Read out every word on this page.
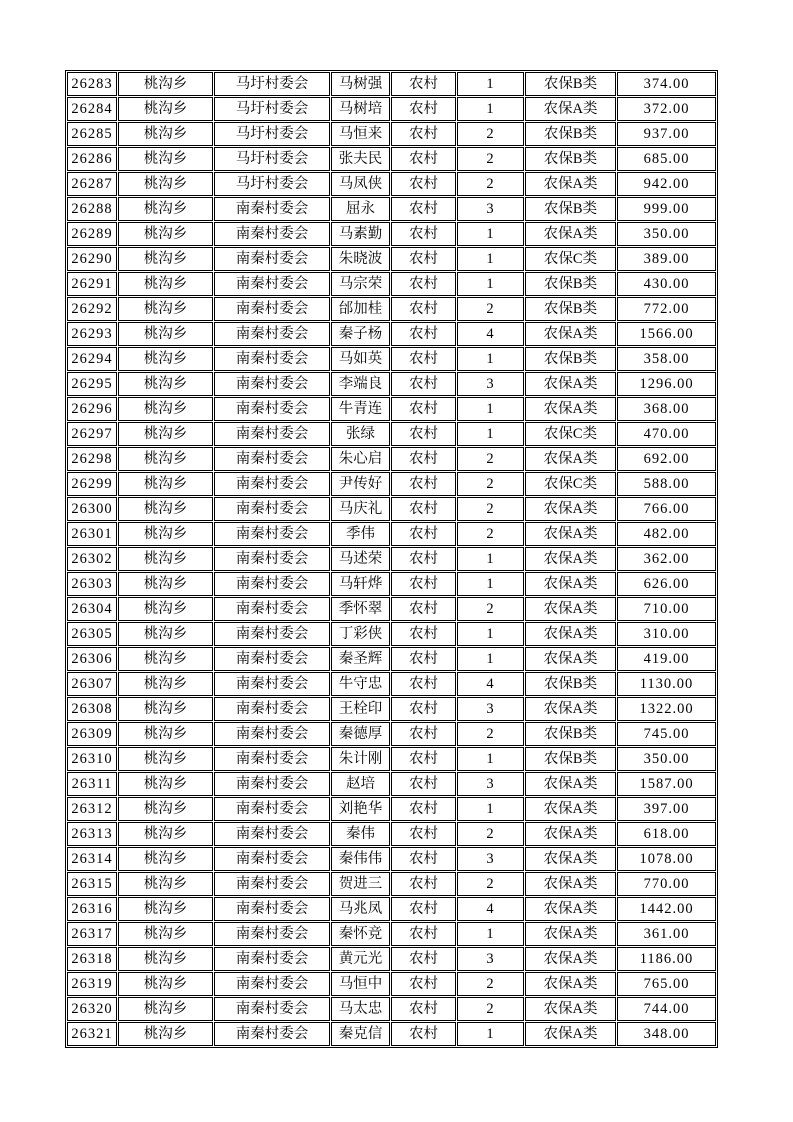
26283	桃沟乡	马圩村委会	马树强	农村	1	农保B类	374.00
26284	桃沟乡	马圩村委会	马树培	农村	1	农保A类	372.00
26285	桃沟乡	马圩村委会	马恒来	农村	2	农保B类	937.00
26286	桃沟乡	马圩村委会	张夫民	农村	2	农保B类	685.00
26287	桃沟乡	马圩村委会	马凤侠	农村	2	农保A类	942.00
26288	桃沟乡	南秦村委会	屈永	农村	3	农保B类	999.00
26289	桃沟乡	南秦村委会	马素勤	农村	1	农保A类	350.00
26290	桃沟乡	南秦村委会	朱晓波	农村	1	农保C类	389.00
26291	桃沟乡	南秦村委会	马宗荣	农村	1	农保B类	430.00
26292	桃沟乡	南秦村委会	邰加桂	农村	2	农保B类	772.00
26293	桃沟乡	南秦村委会	秦子杨	农村	4	农保A类	1566.00
26294	桃沟乡	南秦村委会	马如英	农村	1	农保B类	358.00
26295	桃沟乡	南秦村委会	李端良	农村	3	农保A类	1296.00
26296	桃沟乡	南秦村委会	牛青连	农村	1	农保A类	368.00
26297	桃沟乡	南秦村委会	张绿	农村	1	农保C类	470.00
26298	桃沟乡	南秦村委会	朱心启	农村	2	农保A类	692.00
26299	桃沟乡	南秦村委会	尹传好	农村	2	农保C类	588.00
26300	桃沟乡	南秦村委会	马庆礼	农村	2	农保A类	766.00
26301	桃沟乡	南秦村委会	季伟	农村	2	农保A类	482.00
26302	桃沟乡	南秦村委会	马述荣	农村	1	农保A类	362.00
26303	桃沟乡	南秦村委会	马轩烨	农村	1	农保A类	626.00
26304	桃沟乡	南秦村委会	季怀翠	农村	2	农保A类	710.00
26305	桃沟乡	南秦村委会	丁彩侠	农村	1	农保A类	310.00
26306	桃沟乡	南秦村委会	秦圣辉	农村	1	农保A类	419.00
26307	桃沟乡	南秦村委会	牛守忠	农村	4	农保B类	1130.00
26308	桃沟乡	南秦村委会	王栓印	农村	3	农保A类	1322.00
26309	桃沟乡	南秦村委会	秦德厚	农村	2	农保B类	745.00
26310	桃沟乡	南秦村委会	朱计刚	农村	1	农保B类	350.00
26311	桃沟乡	南秦村委会	赵培	农村	3	农保A类	1587.00
26312	桃沟乡	南秦村委会	刘艳华	农村	1	农保A类	397.00
26313	桃沟乡	南秦村委会	秦伟	农村	2	农保A类	618.00
26314	桃沟乡	南秦村委会	秦伟伟	农村	3	农保A类	1078.00
26315	桃沟乡	南秦村委会	贺进三	农村	2	农保A类	770.00
26316	桃沟乡	南秦村委会	马兆凤	农村	4	农保A类	1442.00
26317	桃沟乡	南秦村委会	秦怀竞	农村	1	农保A类	361.00
26318	桃沟乡	南秦村委会	黄元光	农村	3	农保A类	1186.00
26319	桃沟乡	南秦村委会	马恒中	农村	2	农保A类	765.00
26320	桃沟乡	南秦村委会	马太忠	农村	2	农保A类	744.00
26321	桃沟乡	南秦村委会	秦克信	农村	1	农保A类	348.00
